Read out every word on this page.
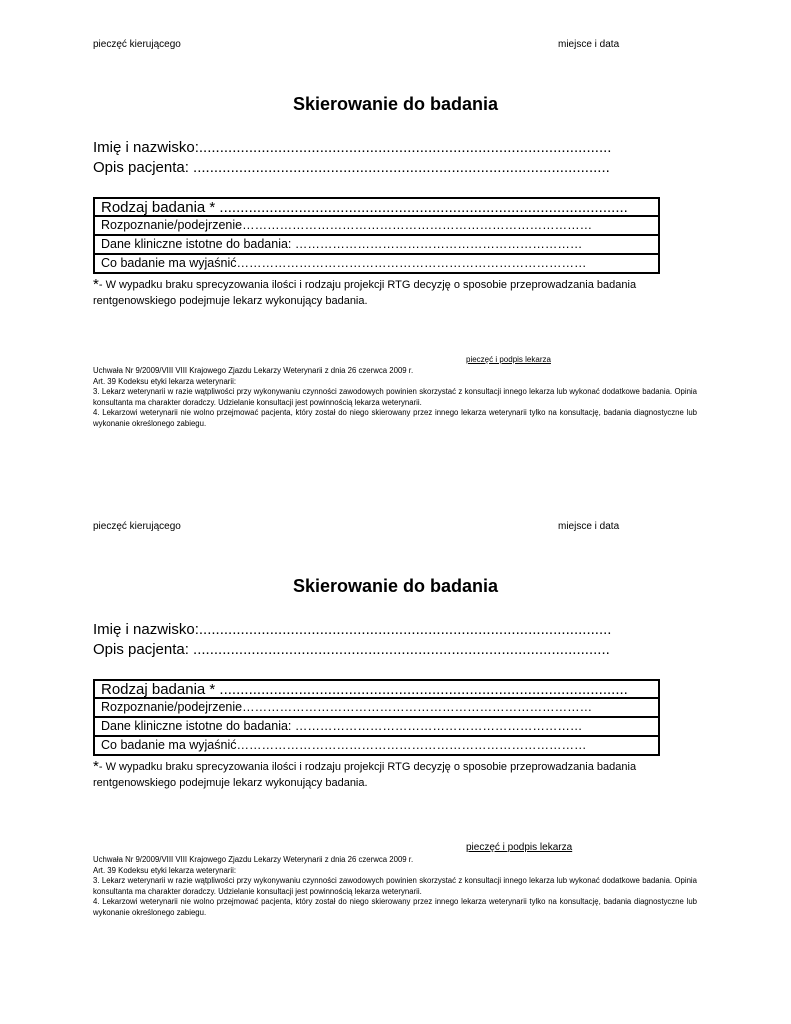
pieczęć kierującego	miejsce i data
Skierowanie do badania
Imię i nazwisko:...................................................................................................
Opis pacjenta: ....................................................................................................
Rodzaj badania * ..................................................................................................
Rozpoznanie/podejrzenie…………………………………………………………………………
Dane kliniczne istotne do badania: ……………………………………………………………
Co badanie ma wyjaśnić…………………………………………………………………………
*- W wypadku braku sprecyzowania ilości i rodzaju projekcji RTG decyzję o sposobie przeprowadzania badania rentgenowskiego podejmuje lekarz wykonujący badania.
pieczęć i podpis lekarza
Uchwała Nr 9/2009/VIII VIII Krajowego Zjazdu Lekarzy Weterynarii z dnia 26 czerwca 2009 r.
Art. 39 Kodeksu etyki lekarza weterynarii:
3. Lekarz weterynarii w razie wątpliwości przy wykonywaniu czynności zawodowych powinien skorzystać z konsultacji innego lekarza lub wykonać dodatkowe badania. Opinia konsultanta ma charakter doradczy. Udzielanie konsultacji jest powinnością lekarza weterynarii.
4. Lekarzowi weterynarii nie wolno przejmować pacjenta, który został do niego skierowany przez innego lekarza weterynarii tylko na konsultację, badania diagnostyczne lub wykonanie określonego zabiegu.
pieczęć kierującego	miejsce i data
Skierowanie do badania
Imię i nazwisko:...................................................................................................
Opis pacjenta: ....................................................................................................
Rodzaj badania * ..................................................................................................
Rozpoznanie/podejrzenie…………………………………………………………………………
Dane kliniczne istotne do badania: ……………………………………………………………
Co badanie ma wyjaśnić…………………………………………………………………………
*- W wypadku braku sprecyzowania ilości i rodzaju projekcji RTG decyzję o sposobie przeprowadzania badania rentgenowskiego podejmuje lekarz wykonujący badania.
pieczęć i podpis lekarza
Uchwała Nr 9/2009/VIII VIII Krajowego Zjazdu Lekarzy Weterynarii z dnia 26 czerwca 2009 r.
Art. 39 Kodeksu etyki lekarza weterynarii:
3. Lekarz weterynarii w razie wątpliwości przy wykonywaniu czynności zawodowych powinien skorzystać z konsultacji innego lekarza lub wykonać dodatkowe badania. Opinia konsultanta ma charakter doradczy. Udzielanie konsultacji jest powinnością lekarza weterynarii.
4. Lekarzowi weterynarii nie wolno przejmować pacjenta, który został do niego skierowany przez innego lekarza weterynarii tylko na konsultację, badania diagnostyczne lub wykonanie określonego zabiegu.
